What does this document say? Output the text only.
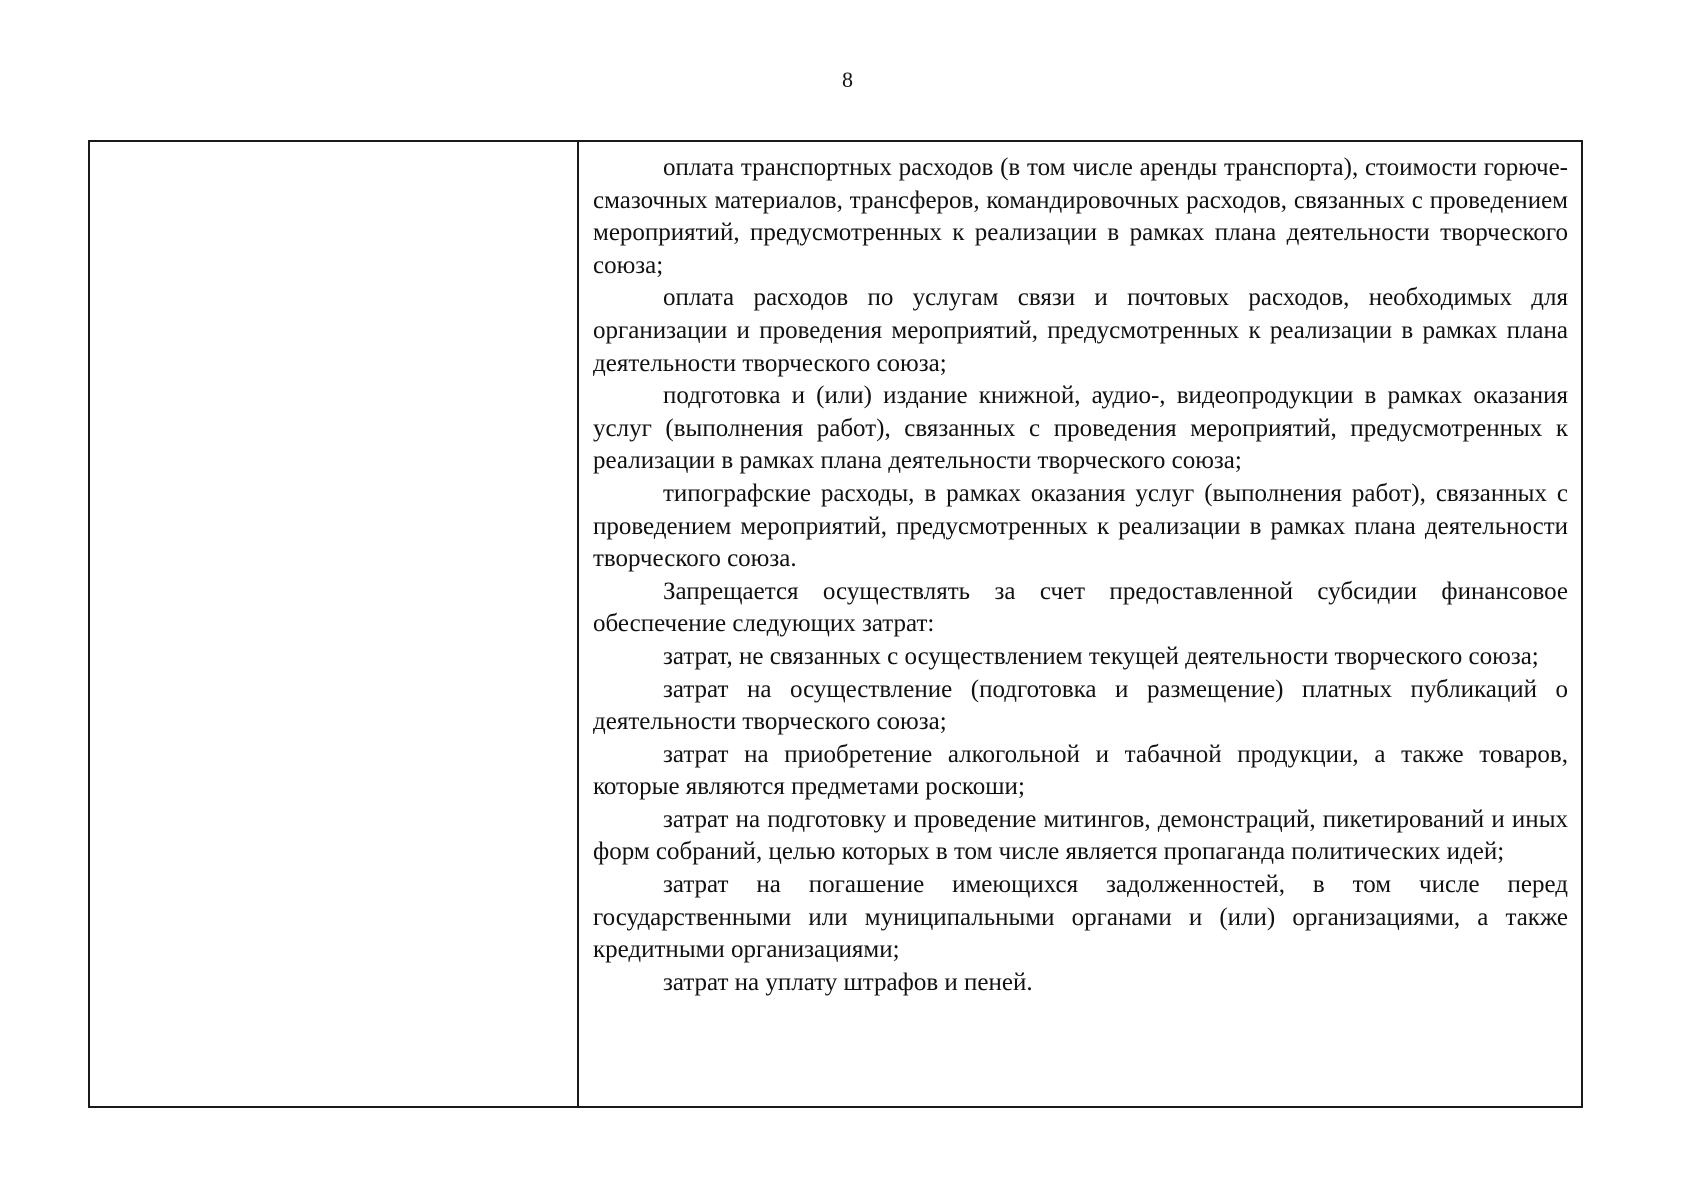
8

оплата транспортных расходов (в том числе аренды транспорта), стоимости горюче-смазочных материалов, трансферов, командировочных расходов, связанных с проведением мероприятий, предусмотренных к реализации в рамках плана деятельности творческого союза;

оплата расходов по услугам связи и почтовых расходов, необходимых для организации и проведения мероприятий, предусмотренных к реализации в рамках плана деятельности творческого союза;

подготовка и (или) издание книжной, аудио-, видеопродукции в рамках оказания услуг (выполнения работ), связанных с проведения мероприятий, предусмотренных к реализации в рамках плана деятельности творческого союза;

типографские расходы, в рамках оказания услуг (выполнения работ), связанных с проведением мероприятий, предусмотренных к реализации в рамках плана деятельности творческого союза.

Запрещается осуществлять за счет предоставленной субсидии финансовое обеспечение следующих затрат:

затрат, не связанных с осуществлением текущей деятельности творческого союза;

затрат на осуществление (подготовка и размещение) платных публикаций о деятельности творческого союза;

затрат на приобретение алкогольной и табачной продукции, а также товаров, которые являются предметами роскоши;

затрат на подготовку и проведение митингов, демонстраций, пикетирований и иных форм собраний, целью которых в том числе является пропаганда политических идей;

затрат на погашение имеющихся задолженностей, в том числе перед государственными или муниципальными органами и (или) организациями, а также кредитными организациями;

затрат на уплату штрафов и пеней.
